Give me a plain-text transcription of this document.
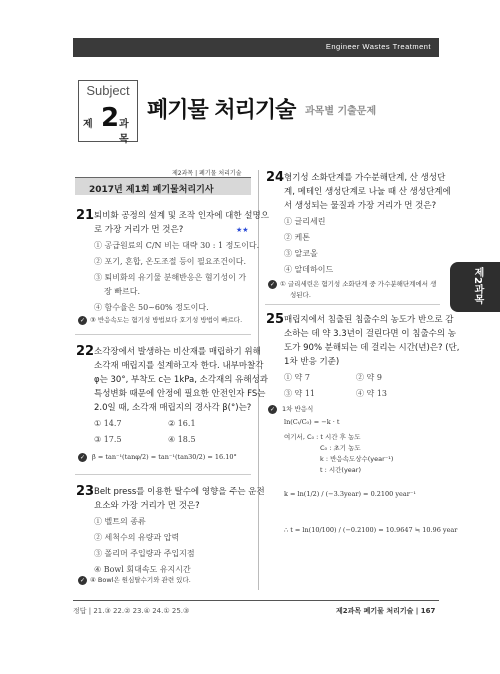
Engineer Wastes Treatment
Subject
제 2 과목
폐기물 처리기술 과목별 기출문제
제2과목
제2과목 | 폐기물 처리기술
2017년 제1회 폐기물처리기사
21 퇴비화 공정의 설계 및 조작 인자에 대한 설명으
로 가장 거리가 먼 것은?	★★
① 공급원료의 C/N 비는 대략 30 : 1 정도이다.
② 포기, 혼합, 온도조절 등이 필요조건이다.
③ 퇴비화의 유기물 분해반응은 혐기성이 가
장 빠르다.
④ 함수율은 50~60% 정도이다.
✓ ③ 반응속도는 혐기성 방법보다 호기성 방법이 빠르다.
22 소각장에서 발생하는 비산재를 매립하기 위해
소각재 매립지를 설계하고자 한다. 내부마찰각
φ는 30°, 부착도 c는 1kPa, 소각재의 유해성과
특성변화 때문에 안정에 필요한 안전인자 FS는
2.0일 때, 소각재 매립지의 경사각 β(°)는?
① 14.7	② 16.1
③ 17.5	④ 18.5
✓	β = tan⁻¹(tanφ/2) = tan⁻¹(tan30/2) = 16.10°
23 Belt press를 이용한 탈수에 영향을 주는 운전
요소와 가장 거리가 먼 것은?
① 벨트의 종류
② 세척수의 유량과 압력
③ 폴리머 주입량과 주입지점
④ Bowl 회대속도 유지시간
✓ ④ Bowl은 원심탈수기와 관련 있다.
24 혐기성 소화단계를 가수분해단계, 산 생성단
계, 메테인 생성단계로 나눌 때 산 생성단계에
서 생성되는 물질과 가장 거리가 먼 것은?
① 글리세린
② 케톤
③ 알코올
④ 알데하이드
✓ ① 글리세린은 혐기성 소화단계 중 가수분해단계에서 생
성된다.
25 매립지에서 침출된 침출수의 농도가 반으로 감
소하는 데 약 3.3년이 걸린다면 이 침출수의 농
도가 90% 분해되는 데 걸리는 시간(년)은? (단,
1차 반응 기준)
① 약 7	② 약 9
③ 약 11	④ 약 13
✓	1차 반응식
ln(Cₜ/C₀) = −k · t
여기서, C₀ : t 시간 후 농도
C₀ : 초기 농도
k : 반응속도상수(year⁻¹)
t : 시간(year)
k = ln(1/2) / (−3.3year) = 0.2100 year⁻¹
∴ t = ln(10/100) / (−0.2100) = 10.9647 ≒ 10.96 year
정답 | 21.③ 22.② 23.④ 24.① 25.③	제2과목 폐기물 처리기술 | 167
